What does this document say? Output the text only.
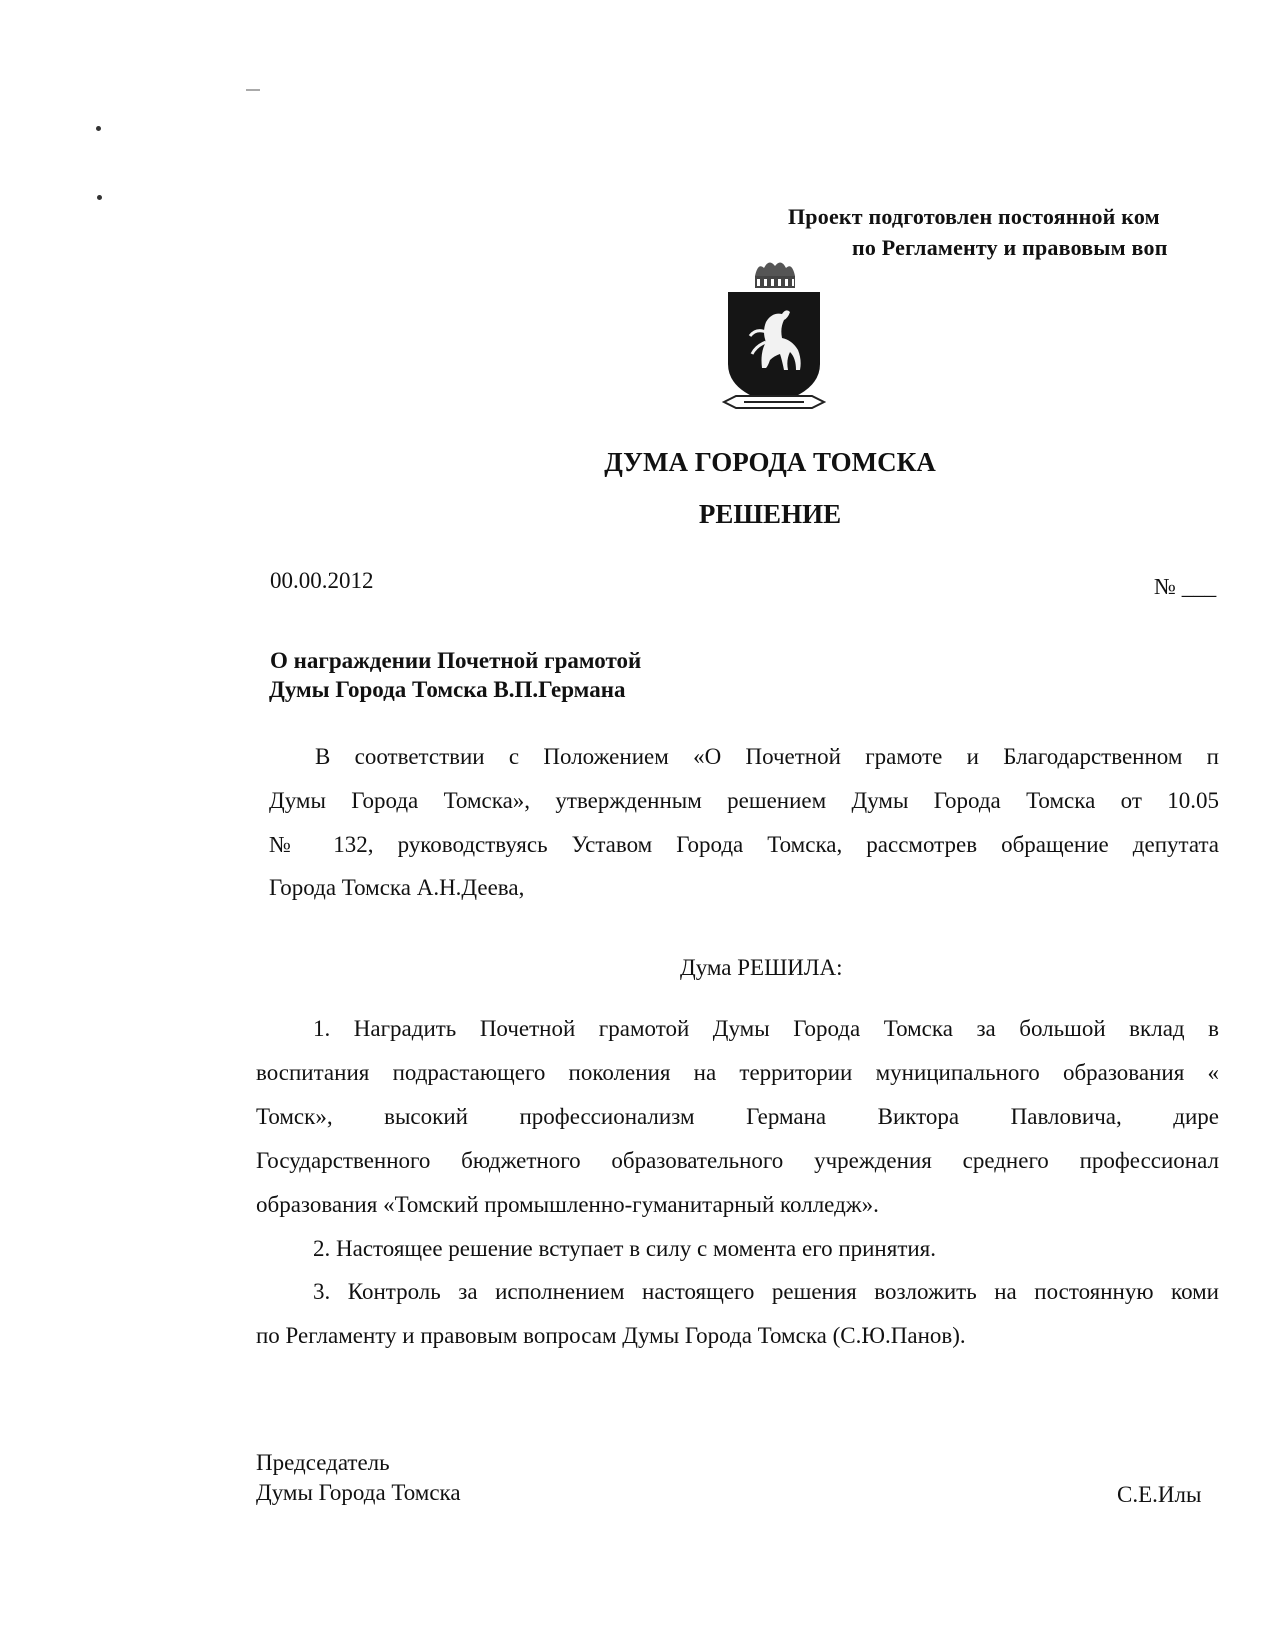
Проект подготовлен постоянной ком
по Регламенту и правовым воп
ДУМА ГОРОДА ТОМСКА
РЕШЕНИЕ
00.00.2012	№ ___
О награждении Почетной грамотой
Думы Города Томска В.П.Германа
В соответствии с Положением «О Почетной грамоте и Благодарственном п
Думы Города Томска», утвержденным решением Думы Города Томска от 10.05
№ 132, руководствуясь Уставом Города Томска, рассмотрев обращение депутата
Города Томска А.Н.Деева,
Дума РЕШИЛА:
1. Наградить Почетной грамотой Думы Города Томска за большой вклад в
воспитания подрастающего поколения на территории муниципального образования «
Томск», высокий профессионализм Германа Виктора Павловича, дире
Государственного бюджетного образовательного учреждения среднего профессионал
образования «Томский промышленно-гуманитарный колледж».
2. Настоящее решение вступает в силу с момента его принятия.
3. Контроль за исполнением настоящего решения возложить на постоянную коми
по Регламенту и правовым вопросам Думы Города Томска (С.Ю.Панов).
Председатель
Думы Города Томска	С.Е.Илы
